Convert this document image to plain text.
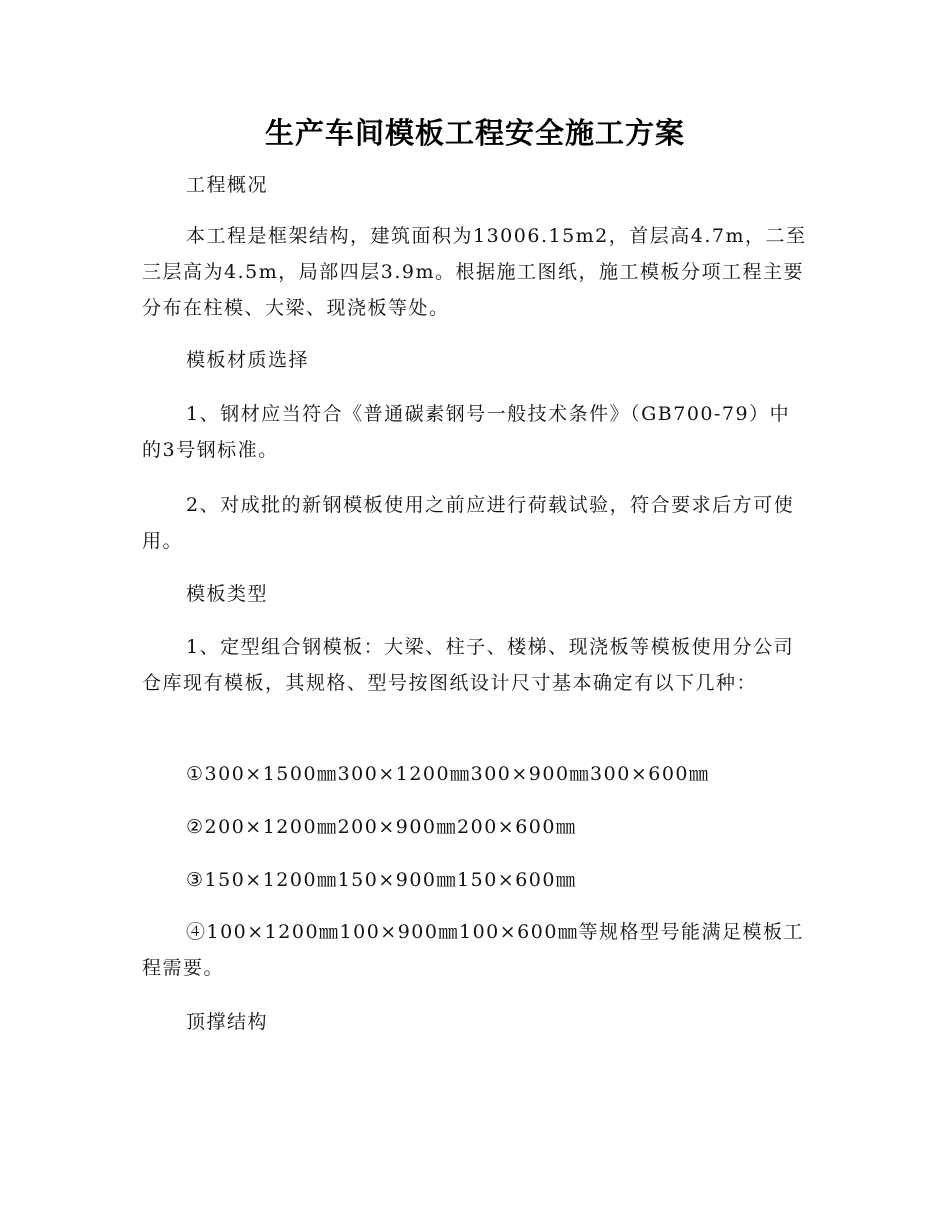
生产车间模板工程安全施工方案

工程概况

本工程是框架结构，建筑面积为13006.15m2，首层高4.7m，二至三层高为4.5m，局部四层3.9m。根据施工图纸，施工模板分项工程主要分布在柱模、大梁、现浇板等处。

模板材质选择

1、钢材应当符合《普通碳素钢号一般技术条件》（GB700-79）中的3号钢标准。

2、对成批的新钢模板使用之前应进行荷载试验，符合要求后方可使用。

模板类型

1、定型组合钢模板：大梁、柱子、楼梯、现浇板等模板使用分公司仓库现有模板，其规格、型号按图纸设计尺寸基本确定有以下几种：

①300×1500㎜300×1200㎜300×900㎜300×600㎜

②200×1200㎜200×900㎜200×600㎜

③150×1200㎜150×900㎜150×600㎜

④100×1200㎜100×900㎜100×600㎜等规格型号能满足模板工程需要。

顶撑结构
